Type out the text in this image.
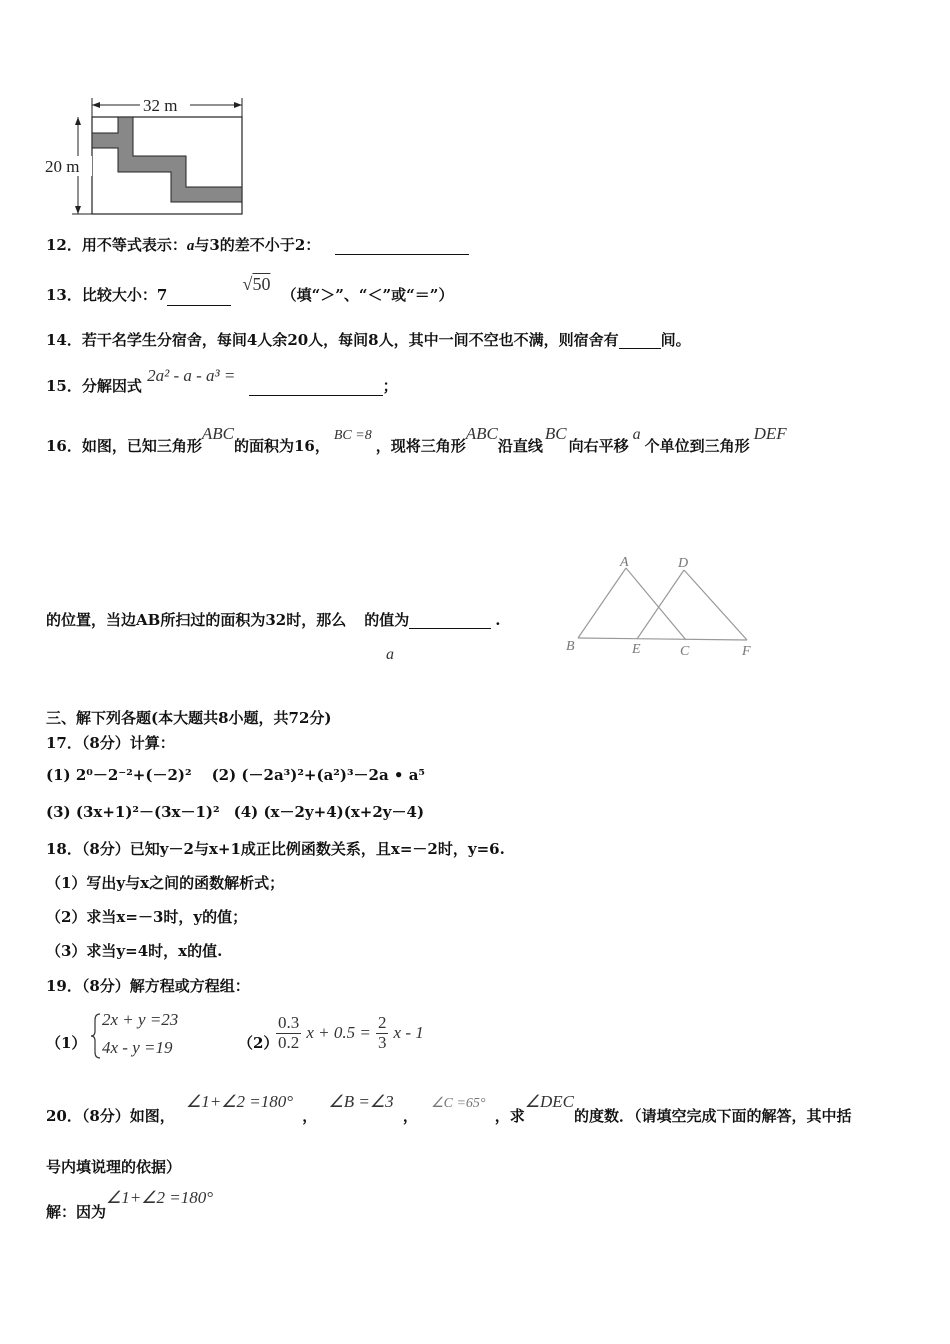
32 m
20 m
12．用不等式表示：a与3的差不小于2：
13．比较大小：7 √50 （填“＞”、“＜”或“＝”）
14．若干名学生分宿舍，每间4人余20人，每间8人，其中一间不空也不满，则宿舍有	间。
15．分解因式 2a² - a - a³ = ；
16．如图，已知三角形ABC的面积为16，BC =8，现将三角形ABC沿直线BC向右平移a个单位到三角形DEF
的位置，当边AB所扫过的面积为32时，那么 的值为	.
a
A	D
B	E	C	F
三、解下列各题(本大题共8小题，共72分)
17．（8分）计算：
(1) 2⁰－2⁻²+(－2)² (2) (－2a³)²+(a²)³－2a • a⁵
(3) (3x+1)²－(3x－1)² (4) (x－2y+4)(x+2y－4)
18．（8分）已知y－2与x+1成正比例函数关系，且x=－2时，y=6.
（1）写出y与x之间的函数解析式；
（2）求当x=－3时，y的值；
（3）求当y=4时，x的值.
19．（8分）解方程或方程组：
（1）
2x + y =23
4x - y =19	（2）
$\frac{0.3}{0.2}$ $x + 0.5 = \frac{2}{3}$ x - 1
20．（8分）如图， ∠1+∠2 =180° ， ∠B =∠3 ， ∠C =65° ，求∠DEC的度数．（请填空完成下面的解答，其中括
号内填说理的依据）
解：因为∠1+∠2 =180°
